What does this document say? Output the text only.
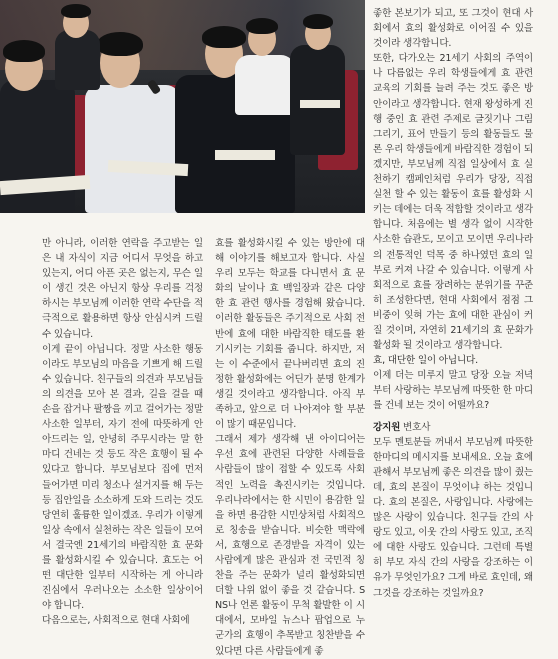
좋한 본보기가 되고, 또 그것이 현대 사회에서 효의 활성화로 이어질 수 있을 것이라 생각합니다.

또한, 다가오는 21세기 사회의 주역이나 다름없는 우리 학생들에게 효 관련 교육의 기회를 늘려 주는 것도 좋은 방안이라고 생각합니다. 현재 왕성하게 진행 중인 효 관련 주제로 글짓기나 그림 그리기, 표어 만들기 등의 활동들도 물론 우리 학생들에게 바람직한 경험이 되겠지만, 부모님께 직접 일상에서 효 실천하기 캠페인처럼 우리가 당장, 직접 실천 할 수 있는 활동이 효를 활성화 시키는 데에는 더욱 적합할 것이라고 생각합니다. 처음에는 별 생각 없이 시작한 사소한 습관도, 모이고 모이면 우리나라의 전통적인 덕목 중 하나였던 효의 일부로 커져 나갈 수 있습니다. 이렇게 사회적으로 효를 장려하는 분위기를 꾸준히 조성한다면, 현대 사회에서 점점 그 비중이 잊혀 가는 효에 대한 관심이 커질 것이며, 자연히 21세기의 효 문화가 활성화 될 것이라고 생각합니다.

효, 대단한 일이 아닙니다.

이제 더는 미루지 말고 당장 오늘 저녁부터 사랑하는 부모님께 따뜻한 한 마디를 건네 보는 것이 어떨까요?

강지원 변호사

모두 멘토분들 꺼내서 부모님께 따뜻한 한마디의 메시지를 보내세요. 오늘 효에 관해서 부모님께 좋은 의견을 많이 줬는데, 효의 본질이 무엇이냐 하는 것입니다. 효의 본질은, 사랑입니다. 사랑에는 많은 사랑이 있습니다. 친구들 간의 사랑도 있고, 이웃 간의 사랑도 있고, 조직에 대한 사랑도 있습니다. 그런데 특별히 부모 자식 간의 사랑을 강조하는 이유가 무엇인가요? 그게 바로 효인데, 왜 그것을 강조하는 것일까요?

만 아니라, 이러한 연락을 주고받는 일은 내 자식이 지금 어디서 무엇을 하고 있는지, 어디 아픈 곳은 없는지, 무슨 일이 생긴 것은 아닌지 항상 우리를 걱정하시는 부모님께 이러한 연락 수단을 적극적으로 활용하면 항상 안심시켜 드릴 수 있습니다.

이게 끝이 아닙니다. 정말 사소한 행동이라도 부모님의 마음을 기쁘게 해 드릴 수 있습니다. 친구들의 의견과 부모님들의 의견을 모아 본 결과, 길을 걸을 때 손을 잡거나 팔짱을 끼고 걸어가는 정말 사소한 일부터, 자기 전에 따뜻하게 안아드리는 일, 안녕히 주무시라는 말 한마디 건네는 것 등도 작은 효행이 될 수 있다고 합니다. 부모님보다 집에 먼저 들어가면 미리 청소나 설거지를 해 두는 등 집안일을 소소하게 도와 드리는 것도 당연히 훌륭한 일이겠죠. 우리가 이렇게 일상 속에서 실천하는 작은 일들이 모여서 결국엔 21세기의 바람직한 효 문화를 활성화시킬 수 있습니다. 효도는 어떤 대단한 일부터 시작하는 게 아니라 진심에서 우러나오는 소소한 일상이어야 합니다.

다음으로는, 사회적으로 현대 사회에

효를 활성화시킬 수 있는 방안에 대해 이야기를 해보고자 합니다. 사실 우리 모두는 학교를 다니면서 효 문화의 날이나 효 백일장과 같은 다양한 효 관련 행사를 경험해 왔습니다. 이러한 활동들은 주기적으로 사회 전반에 효에 대한 바람직한 태도를 환기시키는 기회를 줍니다. 하지만, 저는 이 수준에서 끝나버리면 효의 진정한 활성화에는 어딘가 분명 한계가 생길 것이라고 생각합니다. 아직 부족하고, 앞으로 더 나아져야 할 부분이 많기 때문입니다.

그래서 제가 생각해 낸 아이디어는 우선 효에 관련된 다양한 사례들을 사람들이 많이 접할 수 있도록 사회적인 노력을 촉진시키는 것입니다. 우리나라에서는 한 시민이 용감한 일을 하면 용감한 시민상처럼 사회적으로 칭송을 받습니다. 비슷한 맥락에서, 효행으로 존경받을 자격이 있는 사람에게 많은 관심과 전 국민적 칭찬을 주는 문화가 널리 활성화되면 더할 나위 없이 좋을 것 같습니다. SNS나 언론 활동이 무척 활발한 이 시대에서, 모바일 뉴스나 팝업으로 누군가의 효행이 추목받고 칭찬받을 수 있다면 다른 사람들에게 좋
